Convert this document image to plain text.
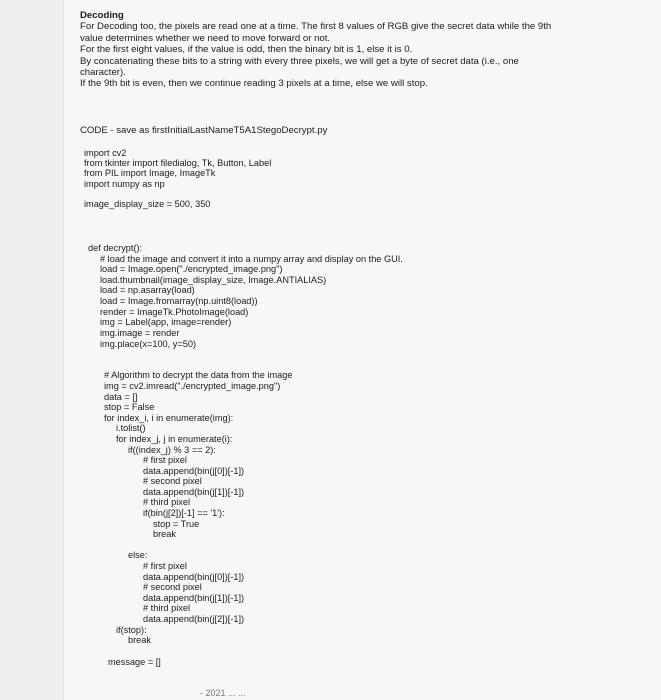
Decoding
For Decoding too, the pixels are read one at a time. The first 8 values of RGB give the secret data while the 9th
value determines whether we need to move forward or not.
For the first eight values, if the value is odd, then the binary bit is 1, else it is 0.
By concatenating these bits to a string with every three pixels, we will get a byte of secret data (i.e., one
character).
If the 9th bit is even, then we continue reading 3 pixels at a time, else we will stop.
CODE - save as firstInitialLastNameT5A1StegoDecrypt.py
import cv2
from tkinter import filedialog, Tk, Button, Label
from PIL import Image, ImageTk
import numpy as np
image_display_size = 500, 350
def decrypt():
# load the image and convert it into a numpy array and display on the GUI.
load = Image.open("./encrypted_image.png")
load.thumbnail(image_display_size, Image.ANTIALIAS)
load = np.asarray(load)
load = Image.fromarray(np.uint8(load))
render = ImageTk.PhotoImage(load)
img = Label(app, image=render)
img.image = render
img.place(x=100, y=50)
# Algorithm to decrypt the data from the image
img = cv2.imread("./encrypted_image.png")
data = []
stop = False
for index_i, i in enumerate(img):
i.tolist()
for index_j, j in enumerate(i):
if((index_j) % 3 == 2):
# first pixel
data.append(bin(j[0])[-1])
# second pixel
data.append(bin(j[1])[-1])
# third pixel
if(bin(j[2])[-1] == '1'):
stop = True
break
else:
# first pixel
data.append(bin(j[0])[-1])
# second pixel
data.append(bin(j[1])[-1])
# third pixel
data.append(bin(j[2])[-1])
if(stop):
break
message = []
- 2021 ... ...
